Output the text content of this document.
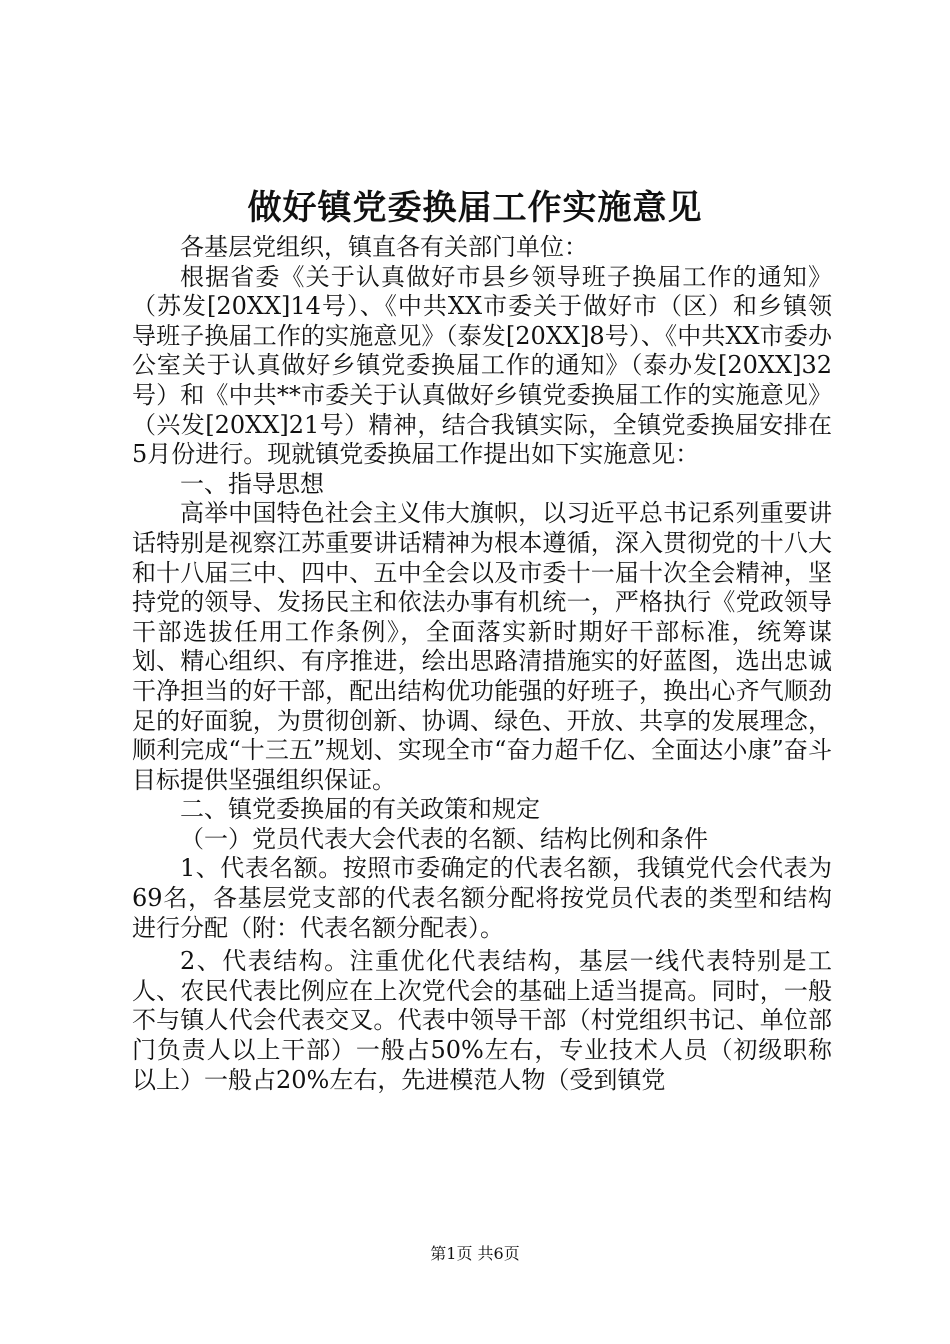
做好镇党委换届工作实施意见

各基层党组织，镇直各有关部门单位：

根据省委《关于认真做好市县乡领导班子换届工作的通知》（苏发[20XX]14号）、《中共XX市委关于做好市（区）和乡镇领导班子换届工作的实施意见》（泰发[20XX]8号）、《中共XX市委办公室关于认真做好乡镇党委换届工作的通知》（泰办发[20XX]32号）和《中共**市委关于认真做好乡镇党委换届工作的实施意见》（兴发[20XX]21号）精神，结合我镇实际，全镇党委换届安排在5月份进行。现就镇党委换届工作提出如下实施意见：

一、指导思想

高举中国特色社会主义伟大旗帜，以习近平总书记系列重要讲话特别是视察江苏重要讲话精神为根本遵循，深入贯彻党的十八大和十八届三中、四中、五中全会以及市委十一届十次全会精神，坚持党的领导、发扬民主和依法办事有机统一，严格执行《党政领导干部选拔任用工作条例》，全面落实新时期好干部标准，统筹谋划、精心组织、有序推进，绘出思路清措施实的好蓝图，选出忠诚干净担当的好干部，配出结构优功能强的好班子，换出心齐气顺劲足的好面貌，为贯彻创新、协调、绿色、开放、共享的发展理念，顺利完成“十三五”规划、实现全市“奋力超千亿、全面达小康”奋斗目标提供坚强组织保证。

二、镇党委换届的有关政策和规定

（一）党员代表大会代表的名额、结构比例和条件

1、代表名额。按照市委确定的代表名额，我镇党代会代表为69名，各基层党支部的代表名额分配将按党员代表的类型和结构进行分配（附：代表名额分配表）。

2、代表结构。注重优化代表结构，基层一线代表特别是工人、农民代表比例应在上次党代会的基础上适当提高。同时，一般不与镇人代会代表交叉。代表中领导干部（村党组织书记、单位部门负责人以上干部）一般占50%左右，专业技术人员（初级职称以上）一般占20%左右，先进模范人物（受到镇党

第1页 共6页
